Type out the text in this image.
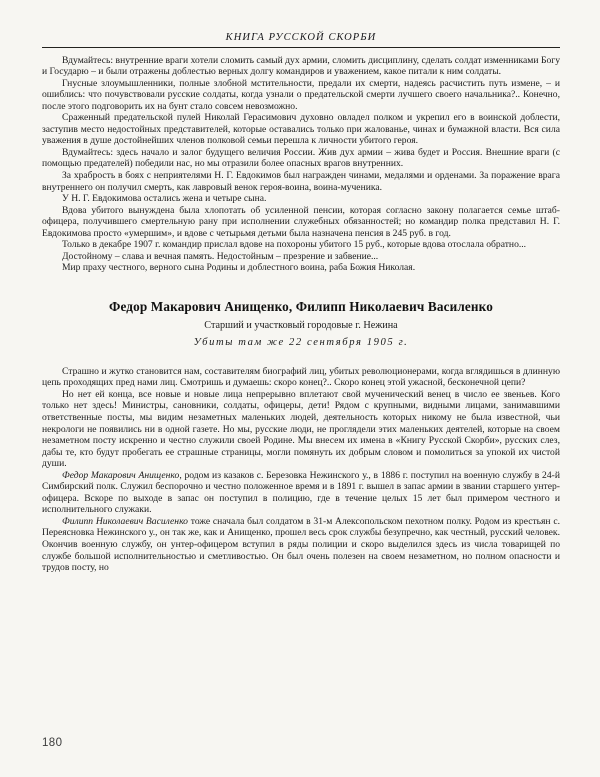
КНИГА РУССКОЙ СКОРБИ

Вдумайтесь: внутренние враги хотели сломить самый дух армии, сломить дисциплину, сделать солдат изменниками Богу и Государю – и были отражены доблестью верных долгу командиров и уважением, какое питали к ним солдаты.

Гнусные злоумышленники, полные злобной мстительности, предали их смерти, надеясь расчистить путь измене, – и ошиблись: что почувствовали русские солдаты, когда узнали о предательской смерти лучшего своего начальника?.. Конечно, после этого подговорить их на бунт стало совсем невозможно.

Сраженный предательской пулей Николай Герасимович духовно овладел полком и укрепил его в воинской доблести, заступив место недостойных представителей, которые оставались только при жалованье, чинах и бумажной власти. Вся сила уважения в душе достойнейших членов полковой семьи перешла к личности убитого героя.

Вдумайтесь: здесь начало и залог будущего величия России. Жив дух армии – жива будет и Россия. Внешние враги (с помощью предателей) победили нас, но мы отразили более опасных врагов внутренних.

За храбрость в боях с неприятелями Н. Г. Евдокимов был награжден чинами, медалями и орденами. За поражение врага внутреннего он получил смерть, как лавровый венок героя-воина, воина-мученика.

У Н. Г. Евдокимова остались жена и четыре сына.

Вдова убитого вынуждена была хлопотать об усиленной пенсии, которая согласно закону полагается семье штаб-офицера, получившего смертельную рану при исполнении служебных обязанностей; но командир полка представил Н. Г. Евдокимова просто «умершим», и вдове с четырьмя детьми была назначена пенсия в 245 руб. в год.

Только в декабре 1907 г. командир прислал вдове на похороны убитого 15 руб., которые вдова отослала обратно...

Достойному – слава и вечная память. Недостойным – презрение и забвение...

Мир праху честного, верного сына Родины и доблестного воина, раба Божия Николая.

Федор Макарович Анищенко, Филипп Николаевич Василенко
Старший и участковый городовые г. Нежина
Убиты там же 22 сентября 1905 г.

Страшно и жутко становится нам, составителям биографий лиц, убитых революционерами, когда вглядишься в длинную цепь проходящих пред нами лиц. Смотришь и думаешь: скоро конец?.. Скоро конец этой ужасной, бесконечной цепи?

Но нет ей конца, все новые и новые лица непрерывно вплетают свой мученический венец в число ее звеньев. Кого только нет здесь! Министры, сановники, солдаты, офицеры, дети! Рядом с крупными, видными лицами, занимавшими ответственные посты, мы видим незаметных маленьких людей, деятельность которых никому не была известной, чьи некрологи не появились ни в одной газете. Но мы, русские люди, не проглядели этих маленьких деятелей, которые на своем незаметном посту искренно и честно служили своей Родине. Мы внесем их имена в «Книгу Русской Скорби», русских слез, дабы те, кто будут пробегать ее страшные страницы, могли помянуть их добрым словом и помолиться за упокой их чистой души.

Федор Макарович Анищенко, родом из казаков с. Березовка Нежинского у., в 1886 г. поступил на военную службу в 24-й Симбирский полк. Служил беспорочно и честно положенное время и в 1891 г. вышел в запас армии в звании старшего унтер-офицера. Вскоре по выходе в запас он поступил в полицию, где в течение целых 15 лет был примером честного и исполнительного служаки.

Филипп Николаевич Василенко тоже сначала был солдатом в 31-м Алексопольском пехотном полку. Родом из крестьян с. Переясновка Нежинского у., он так же, как и Анищенко, прошел весь срок службы безупречно, как честный, русский человек. Окончив военную службу, он унтер-офицером вступил в ряды полиции и скоро выделился здесь из числа товарищей по службе большой исполнительностью и сметливостью. Он был очень полезен на своем незаметном, но полном опасности и трудов посту, но

180
